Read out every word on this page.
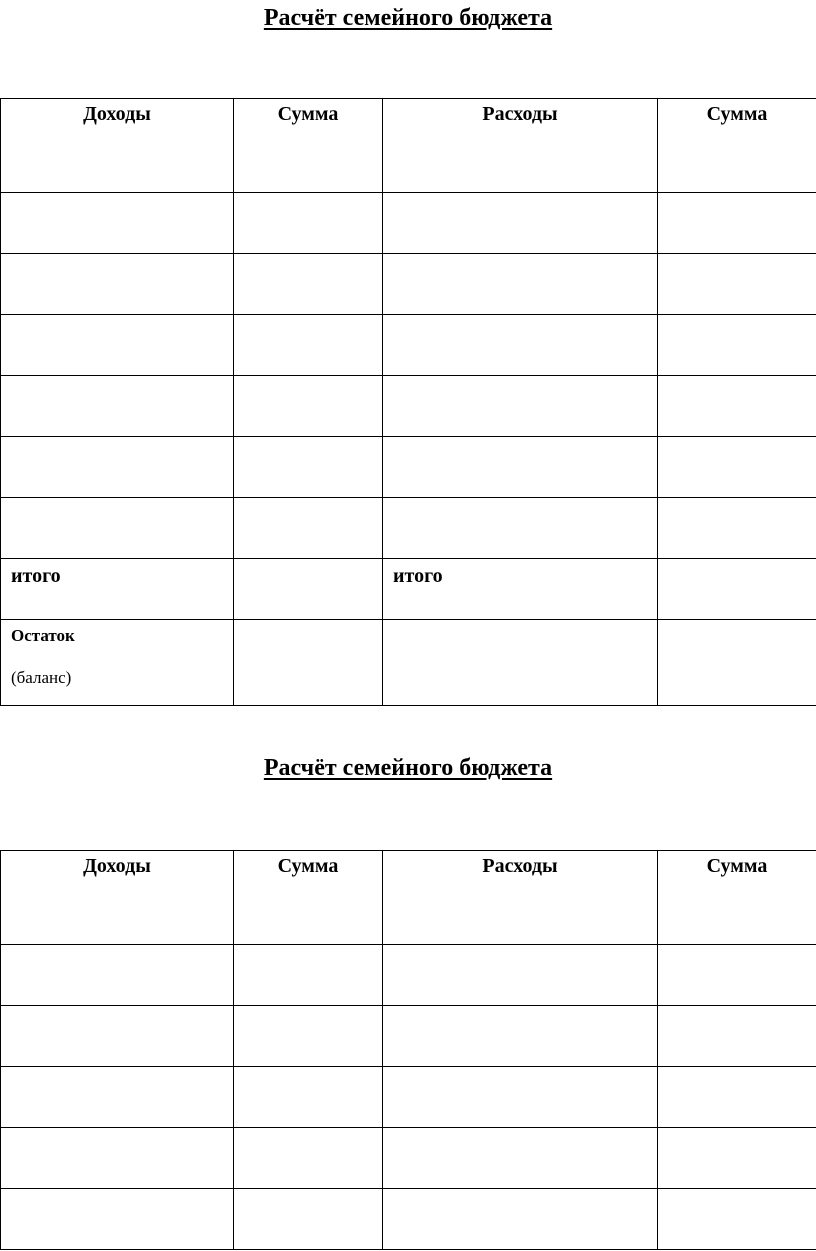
Расчёт семейного бюджета
Доходы	Сумма	Расходы	Сумма

итого		итого	

Остаток
(баланс)			

Расчёт семейного бюджета
Доходы	Сумма	Расходы	Сумма
